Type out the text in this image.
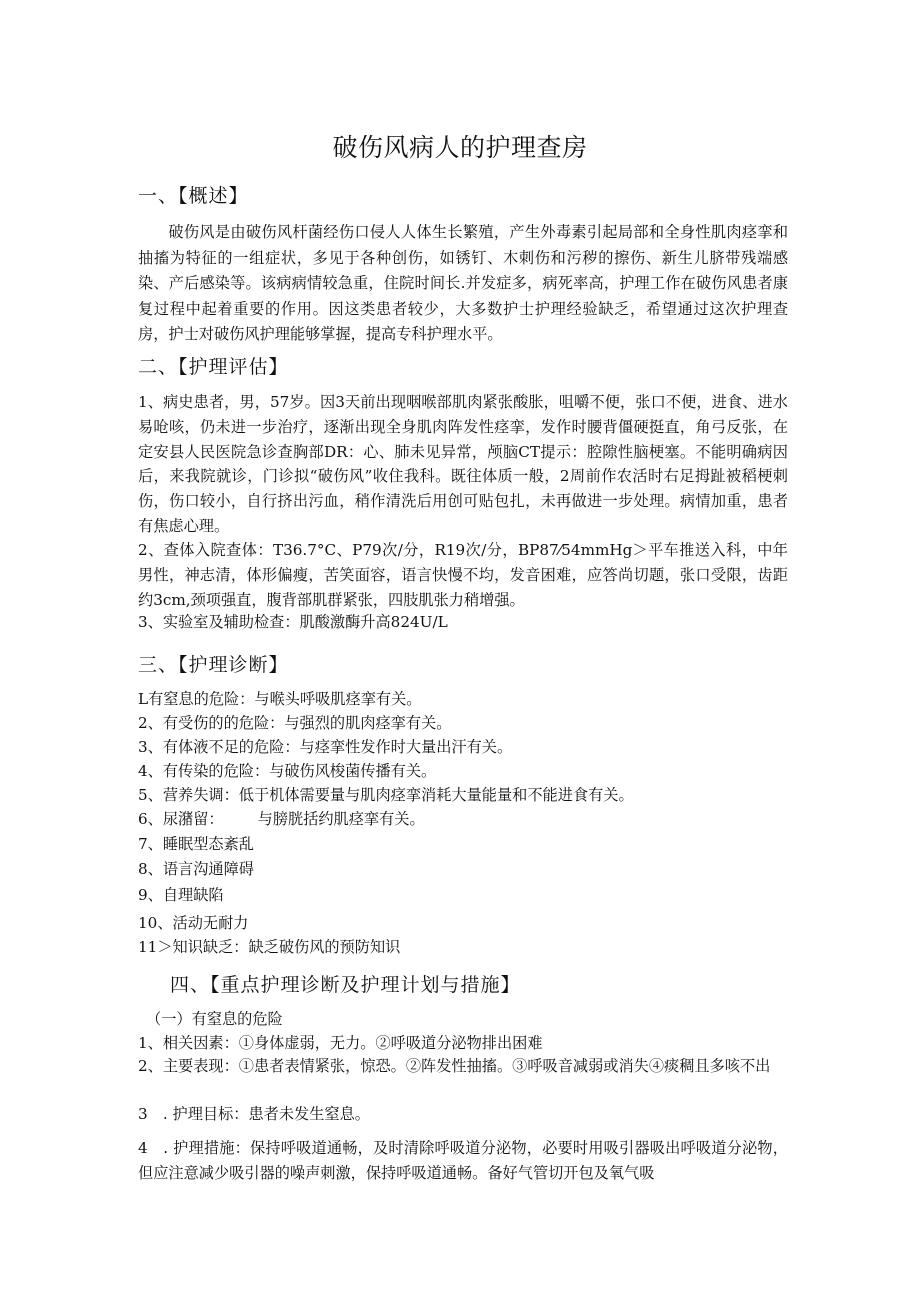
破伤风病人的护理查房
一、【概述】
破伤风是由破伤风杆菌经伤口侵人人体生长繁殖，产生外毒素引起局部和全身性肌肉痉挛和抽搐为特征的一组症状，多见于各种创伤，如锈钉、木刺伤和污秽的擦伤、新生儿脐带残端感染、产后感染等。该病病情较急重，住院时间长.并发症多，病死率高，护理工作在破伤风患者康复过程中起着重要的作用。因这类患者较少，大多数护士护理经验缺乏，希望通过这次护理查房，护士对破伤风护理能够掌握，提高专科护理水平。
二、【护理评估】
1、病史患者，男，57岁。因3天前出现咽喉部肌肉紧张酸胀，咀嚼不便，张口不便，进食、进水易呛咳，仍未进一步治疗，逐渐出现全身肌肉阵发性痉挛，发作时腰背僵硬挺直，角弓反张，在定安县人民医院急诊查胸部DR：心、肺未见异常，颅脑CT提示：腔隙性脑梗塞。不能明确病因后，来我院就诊，门诊拟“破伤风”收住我科。既往体质一般，2周前作农活时右足拇趾被稻梗刺伤，伤口较小，自行挤出污血，稍作清洗后用创可贴包扎，未再做进一步处理。病情加重，患者有焦虑心理。
2、查体入院查体：T36.7°C、P79次/分，R19次/分，BP87⁄54mmHg＞平车推送入科，中年男性，神志清，体形偏瘦，苦笑面容，语言快慢不均，发音困难，应答尚切题，张口受限，齿距约3cm,颈项强直，腹背部肌群紧张，四肢肌张力稍增强。
3、实验室及辅助检查：肌酸激酶升高824U/L
三、【护理诊断】
L有窒息的危险：与喉头呼吸肌痉挛有关。
2、有受伤的的危险：与强烈的肌肉痉挛有关。
3、有体液不足的危险：与痉挛性发作时大量出汗有关。
4、有传染的危险：与破伤风梭菌传播有关。
5、营养失调：低于机体需要量与肌肉痉挛消耗大量能量和不能进食有关。
6、尿潴留： 与膀胱括约肌痉挛有关。
7、睡眠型态紊乱
8、语言沟通障碍
9、自理缺陷
10、活动无耐力
11＞知识缺乏：缺乏破伤风的预防知识
四、【重点护理诊断及护理计划与措施】
（一）有窒息的危险
1、相关因素：①身体虚弱，无力。②呼吸道分泌物排出困难
2、主要表现：①患者表情紧张，惊恐。②阵发性抽搐。③呼吸音减弱或消失④痰稠且多咳不出
3　. 护理目标：患者未发生窒息。
4　. 护理措施：保持呼吸道通畅，及时清除呼吸道分泌物，必要时用吸引器吸出呼吸道分泌物，但应注意减少吸引器的噪声刺激，保持呼吸道通畅。备好气管切开包及氧气吸
